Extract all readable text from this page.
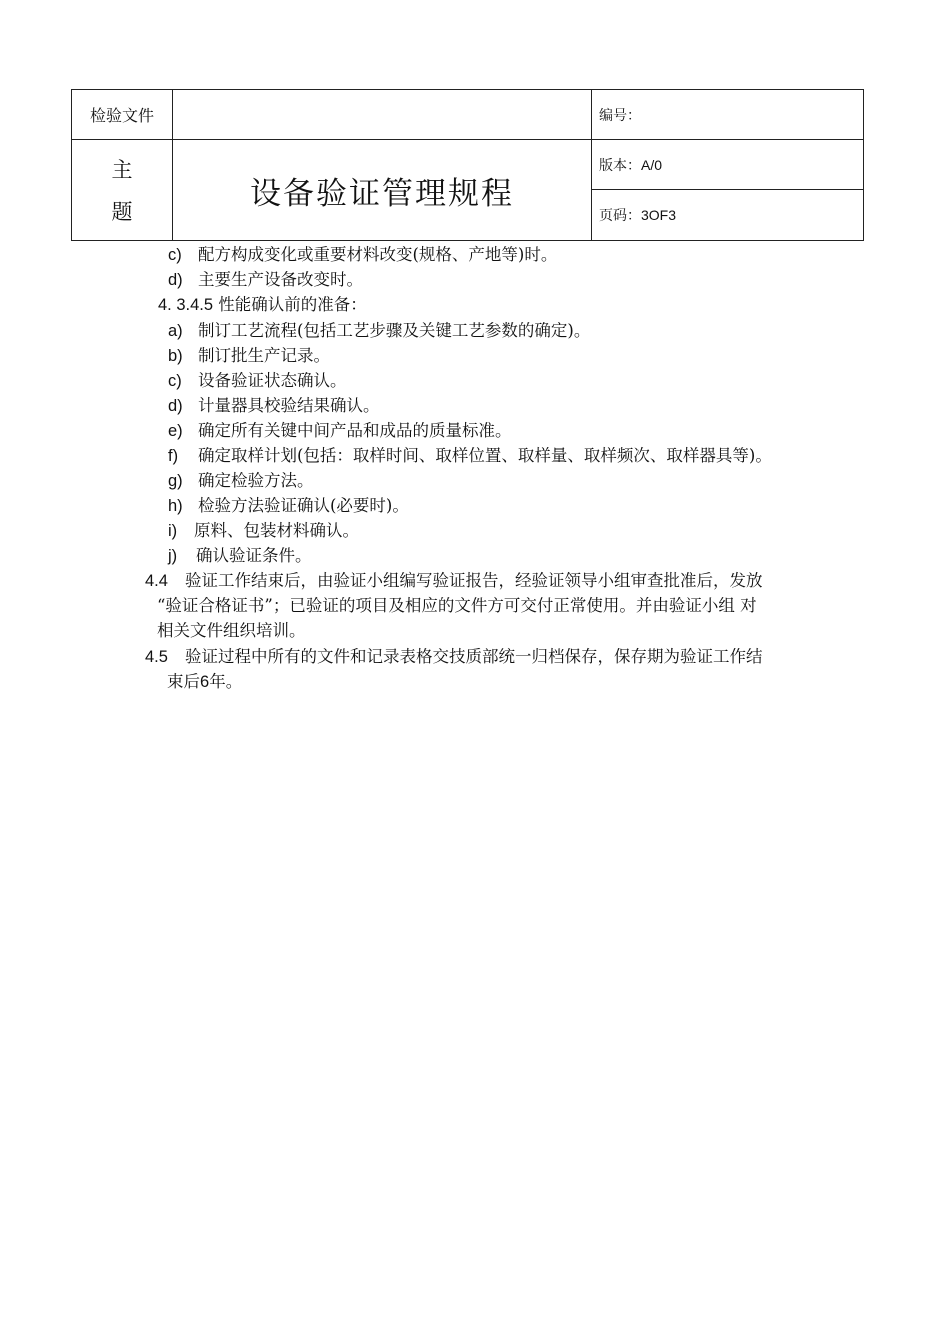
检验文件	编号：
主
题
设备验证管理规程
版本： A/0
页码： 3OF3
c) 配方构成变化或重要材料改变(规格、产地等)时。
d) 主要生产设备改变时。
4. 3.4.5 性能确认前的准备：
a) 制订工艺流程(包括工艺步骤及关键工艺参数的确定)。
b) 制订批生产记录。
c) 设备验证状态确认。
d) 计量器具校验结果确认。
e) 确定所有关键中间产品和成品的质量标准。
f) 确定取样计划(包括：取样时间、取样位置、取样量、取样频次、取样器具等)。
g) 确定检验方法。
h) 检验方法验证确认(必要时)。
i) 原料、包装材料确认。
j) 确认验证条件。
4.4 验证工作结束后，由验证小组编写验证报告，经验证领导小组审查批准后，发放
“验证合格证书”；已验证的项目及相应的文件方可交付正常使用。并由验证小组 对
相关文件组织培训。
4.5 验证过程中所有的文件和记录表格交技质部统一归档保存，保存期为验证工作结
束后6年。
